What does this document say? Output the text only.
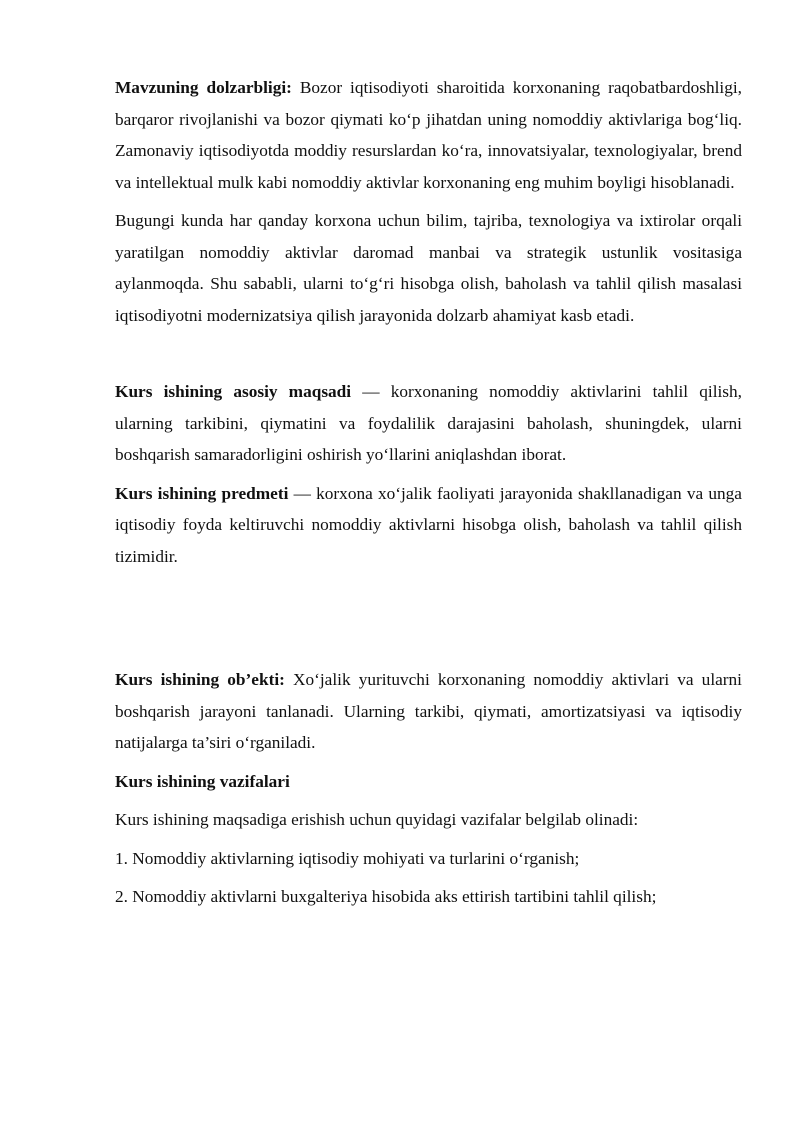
Mavzuning dolzarbligi: Bozor iqtisodiyoti sharoitida korxonaning raqobatbardoshligi, barqaror rivojlanishi va bozor qiymati ko‘p jihatdan uning nomoddiy aktivlariga bog‘liq. Zamonaviy iqtisodiyotda moddiy resurslardan ko‘ra, innovatsiyalar, texnologiyalar, brend va intellektual mulk kabi nomoddiy aktivlar korxonaning eng muhim boyligi hisoblanadi.

Bugungi kunda har qanday korxona uchun bilim, tajriba, texnologiya va ixtirolar orqali yaratilgan nomoddiy aktivlar daromad manbai va strategik ustunlik vositasiga aylanmoqda. Shu sababli, ularni to‘g‘ri hisobga olish, baholash va tahlil qilish masalasi iqtisodiyotni modernizatsiya qilish jarayonida dolzarb ahamiyat kasb etadi.

Kurs ishining asosiy maqsadi — korxonaning nomoddiy aktivlarini tahlil qilish, ularning tarkibini, qiymatini va foydalilik darajasini baholash, shuningdek, ularni boshqarish samaradorligini oshirish yo‘llarini aniqlashdan iborat.

Kurs ishining predmeti — korxona xo‘jalik faoliyati jarayonida shakllanadigan va unga iqtisodiy foyda keltiruvchi nomoddiy aktivlarni hisobga olish, baholash va tahlil qilish tizimidir.

Kurs ishining ob’ekti: Xo‘jalik yurituvchi korxonaning nomoddiy aktivlari va ularni boshqarish jarayoni tanlanadi. Ularning tarkibi, qiymati, amortizatsiyasi va iqtisodiy natijalarga ta’siri o‘rganiladi.

Kurs ishining vazifalari

Kurs ishining maqsadiga erishish uchun quyidagi vazifalar belgilab olinadi:

1. Nomoddiy aktivlarning iqtisodiy mohiyati va turlarini o‘rganish;

2. Nomoddiy aktivlarni buxgalteriya hisobida aks ettirish tartibini tahlil qilish;
